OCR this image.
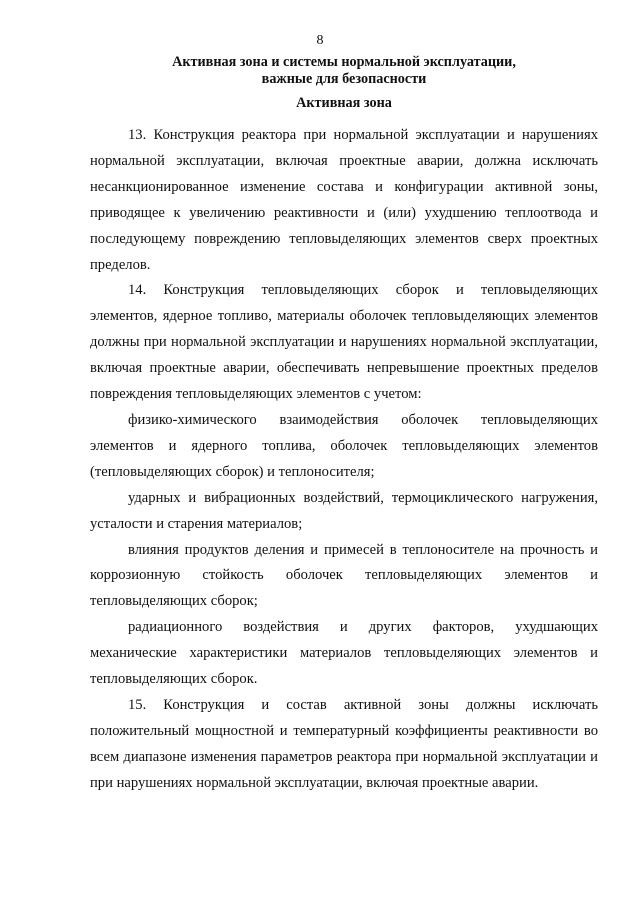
8
Активная зона и системы нормальной эксплуатации,
важные для безопасности
Активная зона

13. Конструкция реактора при нормальной эксплуатации и нарушениях нормальной эксплуатации, включая проектные аварии, должна исключать несанкционированное изменение состава и конфигурации активной зоны, приводящее к увеличению реактивности и (или) ухудшению теплоотвода и последующему повреждению тепловыделяющих элементов сверх проектных пределов.

14. Конструкция тепловыделяющих сборок и тепловыделяющих элементов, ядерное топливо, материалы оболочек тепловыделяющих элементов должны при нормальной эксплуатации и нарушениях нормальной эксплуатации, включая проектные аварии, обеспечивать непревышение проектных пределов повреждения тепловыделяющих элементов с учетом:

физико-химического взаимодействия оболочек тепловыделяющих элементов и ядерного топлива, оболочек тепловыделяющих элементов (тепловыделяющих сборок) и теплоносителя;

ударных и вибрационных воздействий, термоциклического нагружения, усталости и старения материалов;

влияния продуктов деления и примесей в теплоносителе на прочность и коррозионную стойкость оболочек тепловыделяющих элементов и тепловыделяющих сборок;

радиационного воздействия и других факторов, ухудшающих механические характеристики материалов тепловыделяющих элементов и тепловыделяющих сборок.

15. Конструкция и состав активной зоны должны исключать положительный мощностной и температурный коэффициенты реактивности во всем диапазоне изменения параметров реактора при нормальной эксплуатации и при нарушениях нормальной эксплуатации, включая проектные аварии.
